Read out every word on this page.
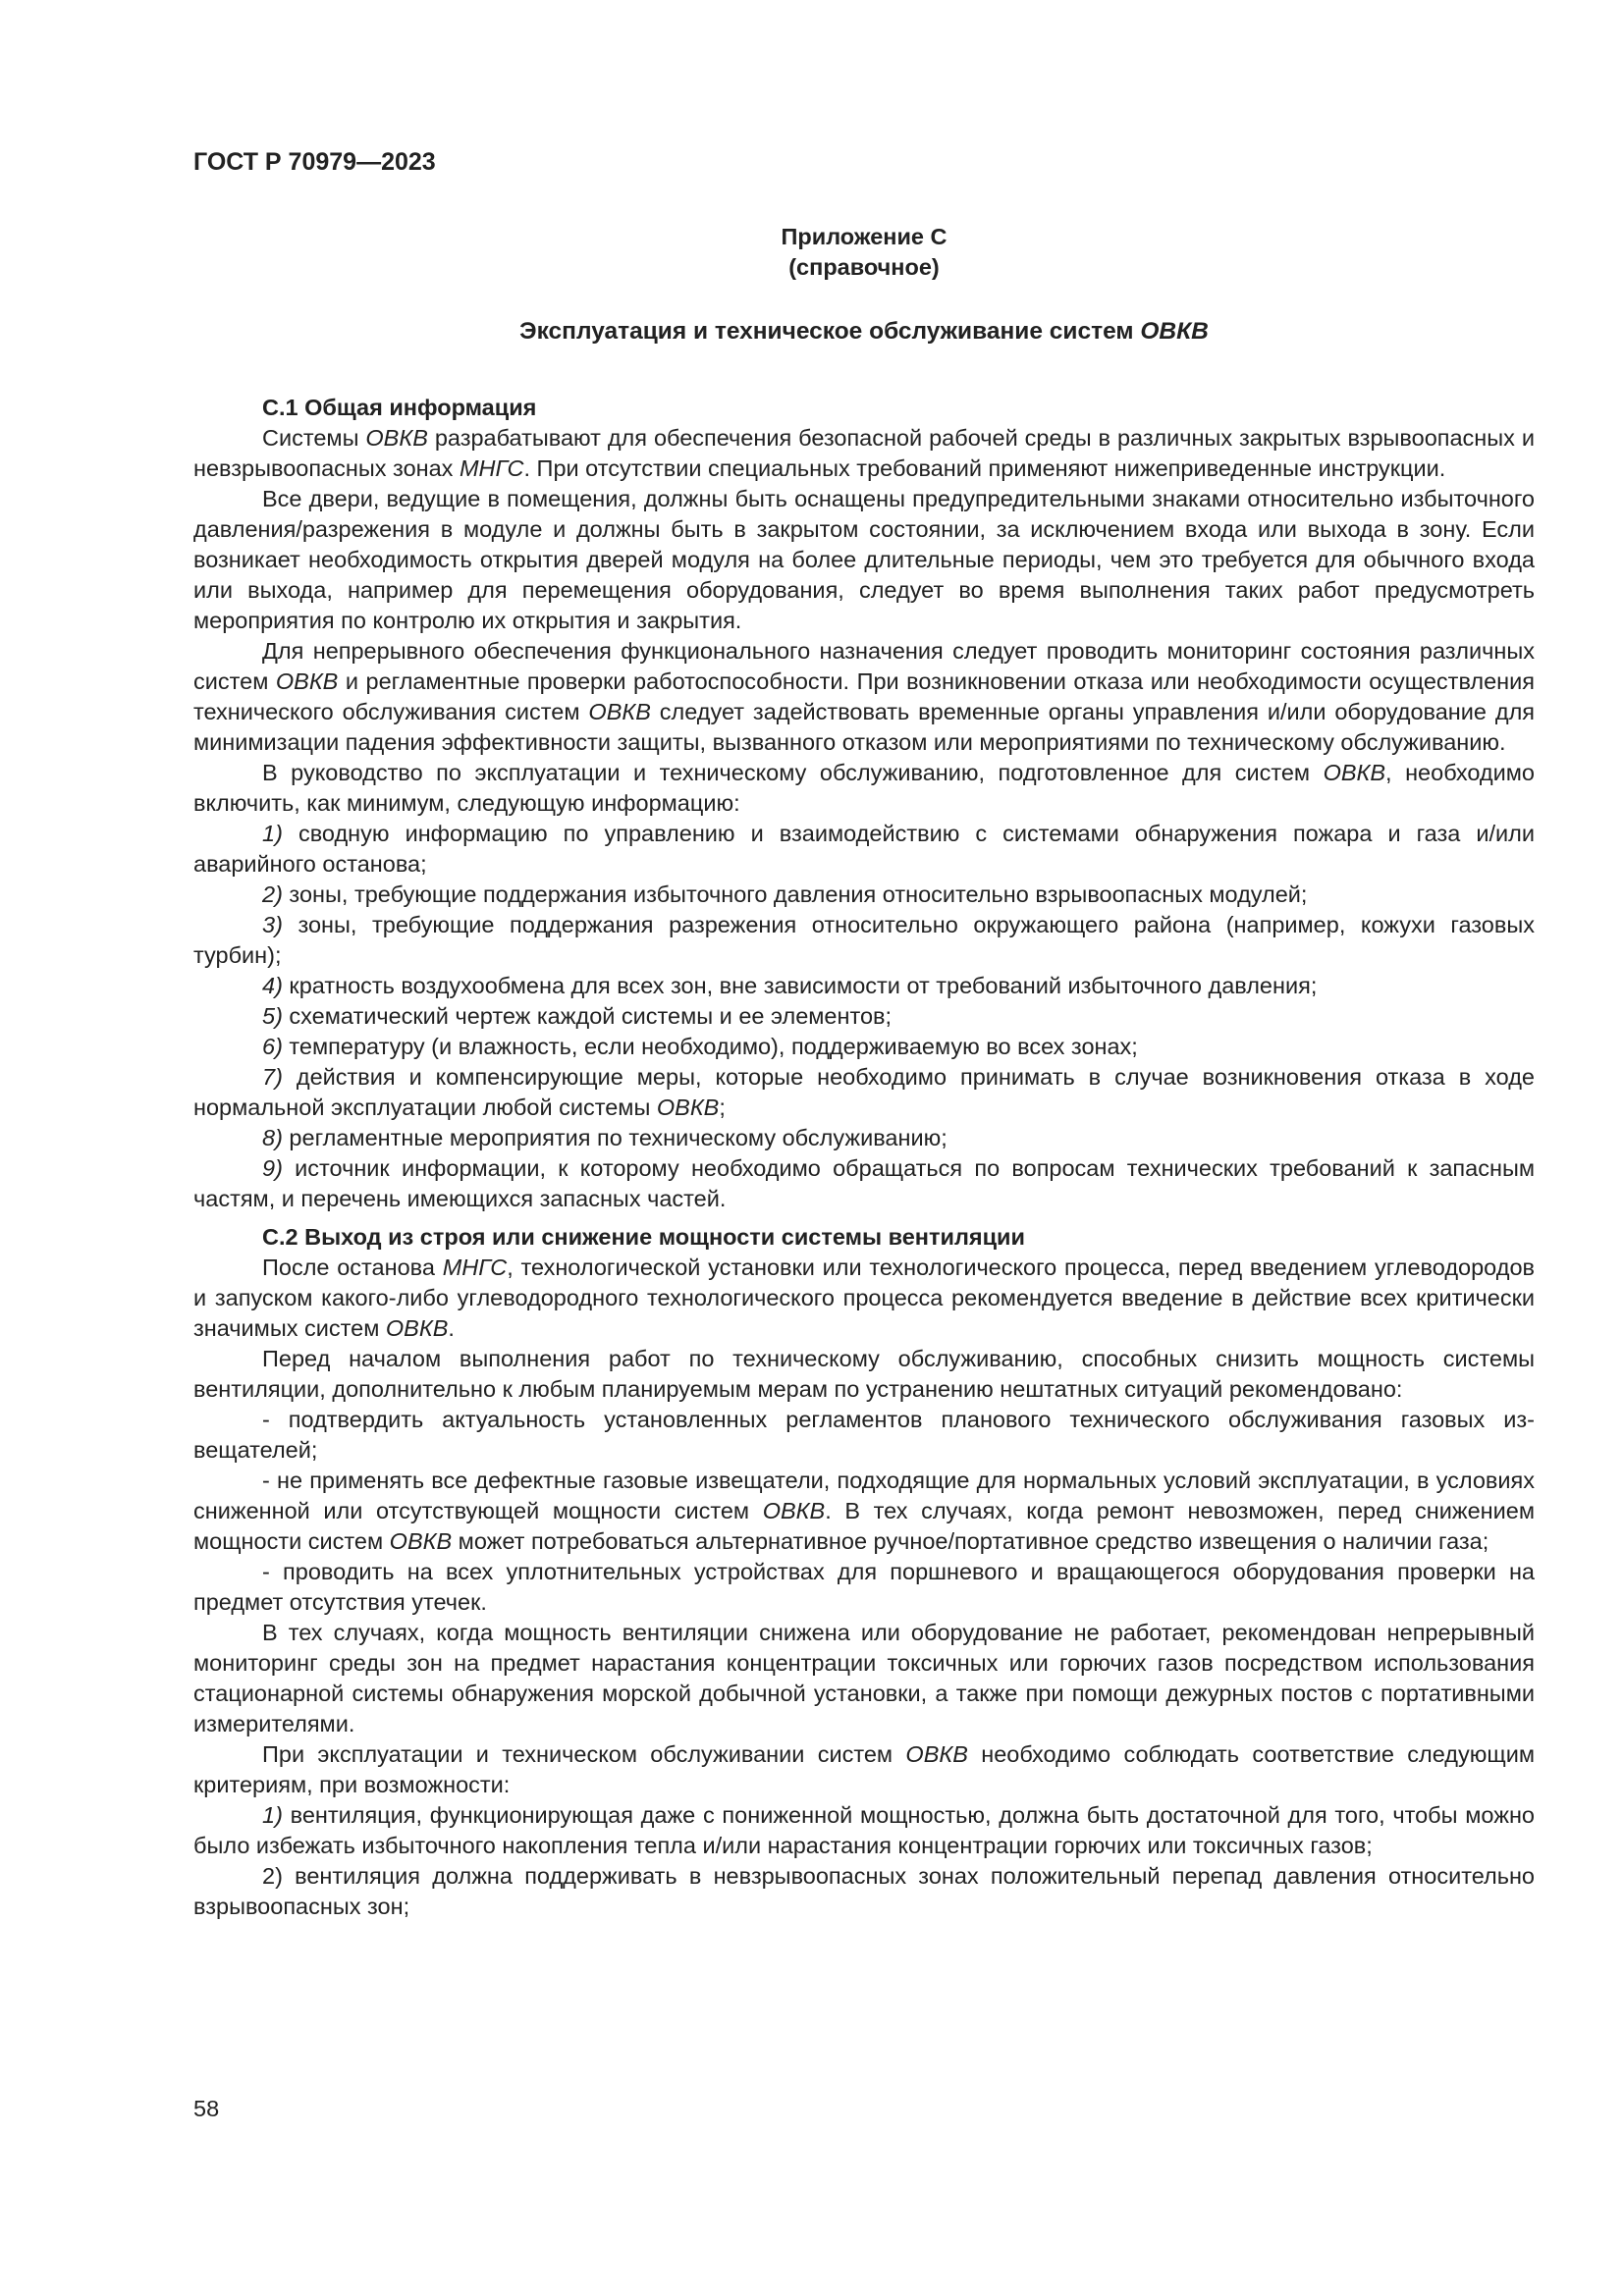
ГОСТ Р 70979—2023
Приложение С
(справочное)
Эксплуатация и техническое обслуживание систем ОВКВ
С.1 Общая информация

Системы ОВКВ разрабатывают для обеспечения безопасной рабочей среды в различных закрытых взрывоопасных и невзрывоопасных зонах МНГС. При отсутствии специальных требований применяют нижеприведенные инструкции.

Все двери, ведущие в помещения, должны быть оснащены предупредительными знаками относительно избыточного давления/разрежения в модуле и должны быть в закрытом состоянии, за исключением входа или выхода в зону. Если возникает необходимость открытия дверей модуля на более длительные периоды, чем это требуется для обычного входа или выхода, например для перемещения оборудования, следует во время выполнения таких работ предусмотреть мероприятия по контролю их открытия и закрытия.

Для непрерывного обеспечения функционального назначения следует проводить мониторинг состояния различных систем ОВКВ и регламентные проверки работоспособности. При возникновении отказа или необходимости осуществления технического обслуживания систем ОВКВ следует задействовать временные органы управления и/или оборудование для минимизации падения эффективности защиты, вызванного отказом или мероприятиями по техническому обслуживанию.

В руководство по эксплуатации и техническому обслуживанию, подготовленное для систем ОВКВ, необходимо включить, как минимум, следующую информацию:

1) сводную информацию по управлению и взаимодействию с системами обнаружения пожара и газа и/или аварийного останова;

2) зоны, требующие поддержания избыточного давления относительно взрывоопасных модулей;

3) зоны, требующие поддержания разрежения относительно окружающего района (например, кожухи газовых турбин);

4) кратность воздухообмена для всех зон, вне зависимости от требований избыточного давления;

5) схематический чертеж каждой системы и ее элементов;

6) температуру (и влажность, если необходимо), поддерживаемую во всех зонах;

7) действия и компенсирующие меры, которые необходимо принимать в случае возникновения отказа в ходе нормальной эксплуатации любой системы ОВКВ;

8) регламентные мероприятия по техническому обслуживанию;

9) источник информации, к которому необходимо обращаться по вопросам технических требований к запасным частям, и перечень имеющихся запасных частей.

С.2 Выход из строя или снижение мощности системы вентиляции

После останова МНГС, технологической установки или технологического процесса, перед введением углеводородов и запуском какого-либо углеводородного технологического процесса рекомендуется введение в действие всех критически значимых систем ОВКВ.

Перед началом выполнения работ по техническому обслуживанию, способных снизить мощность системы вентиляции, дополнительно к любым планируемым мерам по устранению нештатных ситуаций рекомендовано:

- подтвердить актуальность установленных регламентов планового технического обслуживания газовых извещателей;

- не применять все дефектные газовые извещатели, подходящие для нормальных условий эксплуатации, в условиях сниженной или отсутствующей мощности систем ОВКВ. В тех случаях, когда ремонт невозможен, перед снижением мощности систем ОВКВ может потребоваться альтернативное ручное/портативное средство извещения о наличии газа;

- проводить на всех уплотнительных устройствах для поршневого и вращающегося оборудования проверки на предмет отсутствия утечек.

В тех случаях, когда мощность вентиляции снижена или оборудование не работает, рекомендован непрерывный мониторинг среды зон на предмет нарастания концентрации токсичных или горючих газов посредством использования стационарной системы обнаружения морской добычной установки, а также при помощи дежурных постов с портативными измерителями.

При эксплуатации и техническом обслуживании систем ОВКВ необходимо соблюдать соответствие следующим критериям, при возможности:

1) вентиляция, функционирующая даже с пониженной мощностью, должна быть достаточной для того, чтобы можно было избежать избыточного накопления тепла и/или нарастания концентрации горючих или токсичных газов;

2) вентиляция должна поддерживать в невзрывоопасных зонах положительный перепад давления относительно взрывоопасных зон;

58
